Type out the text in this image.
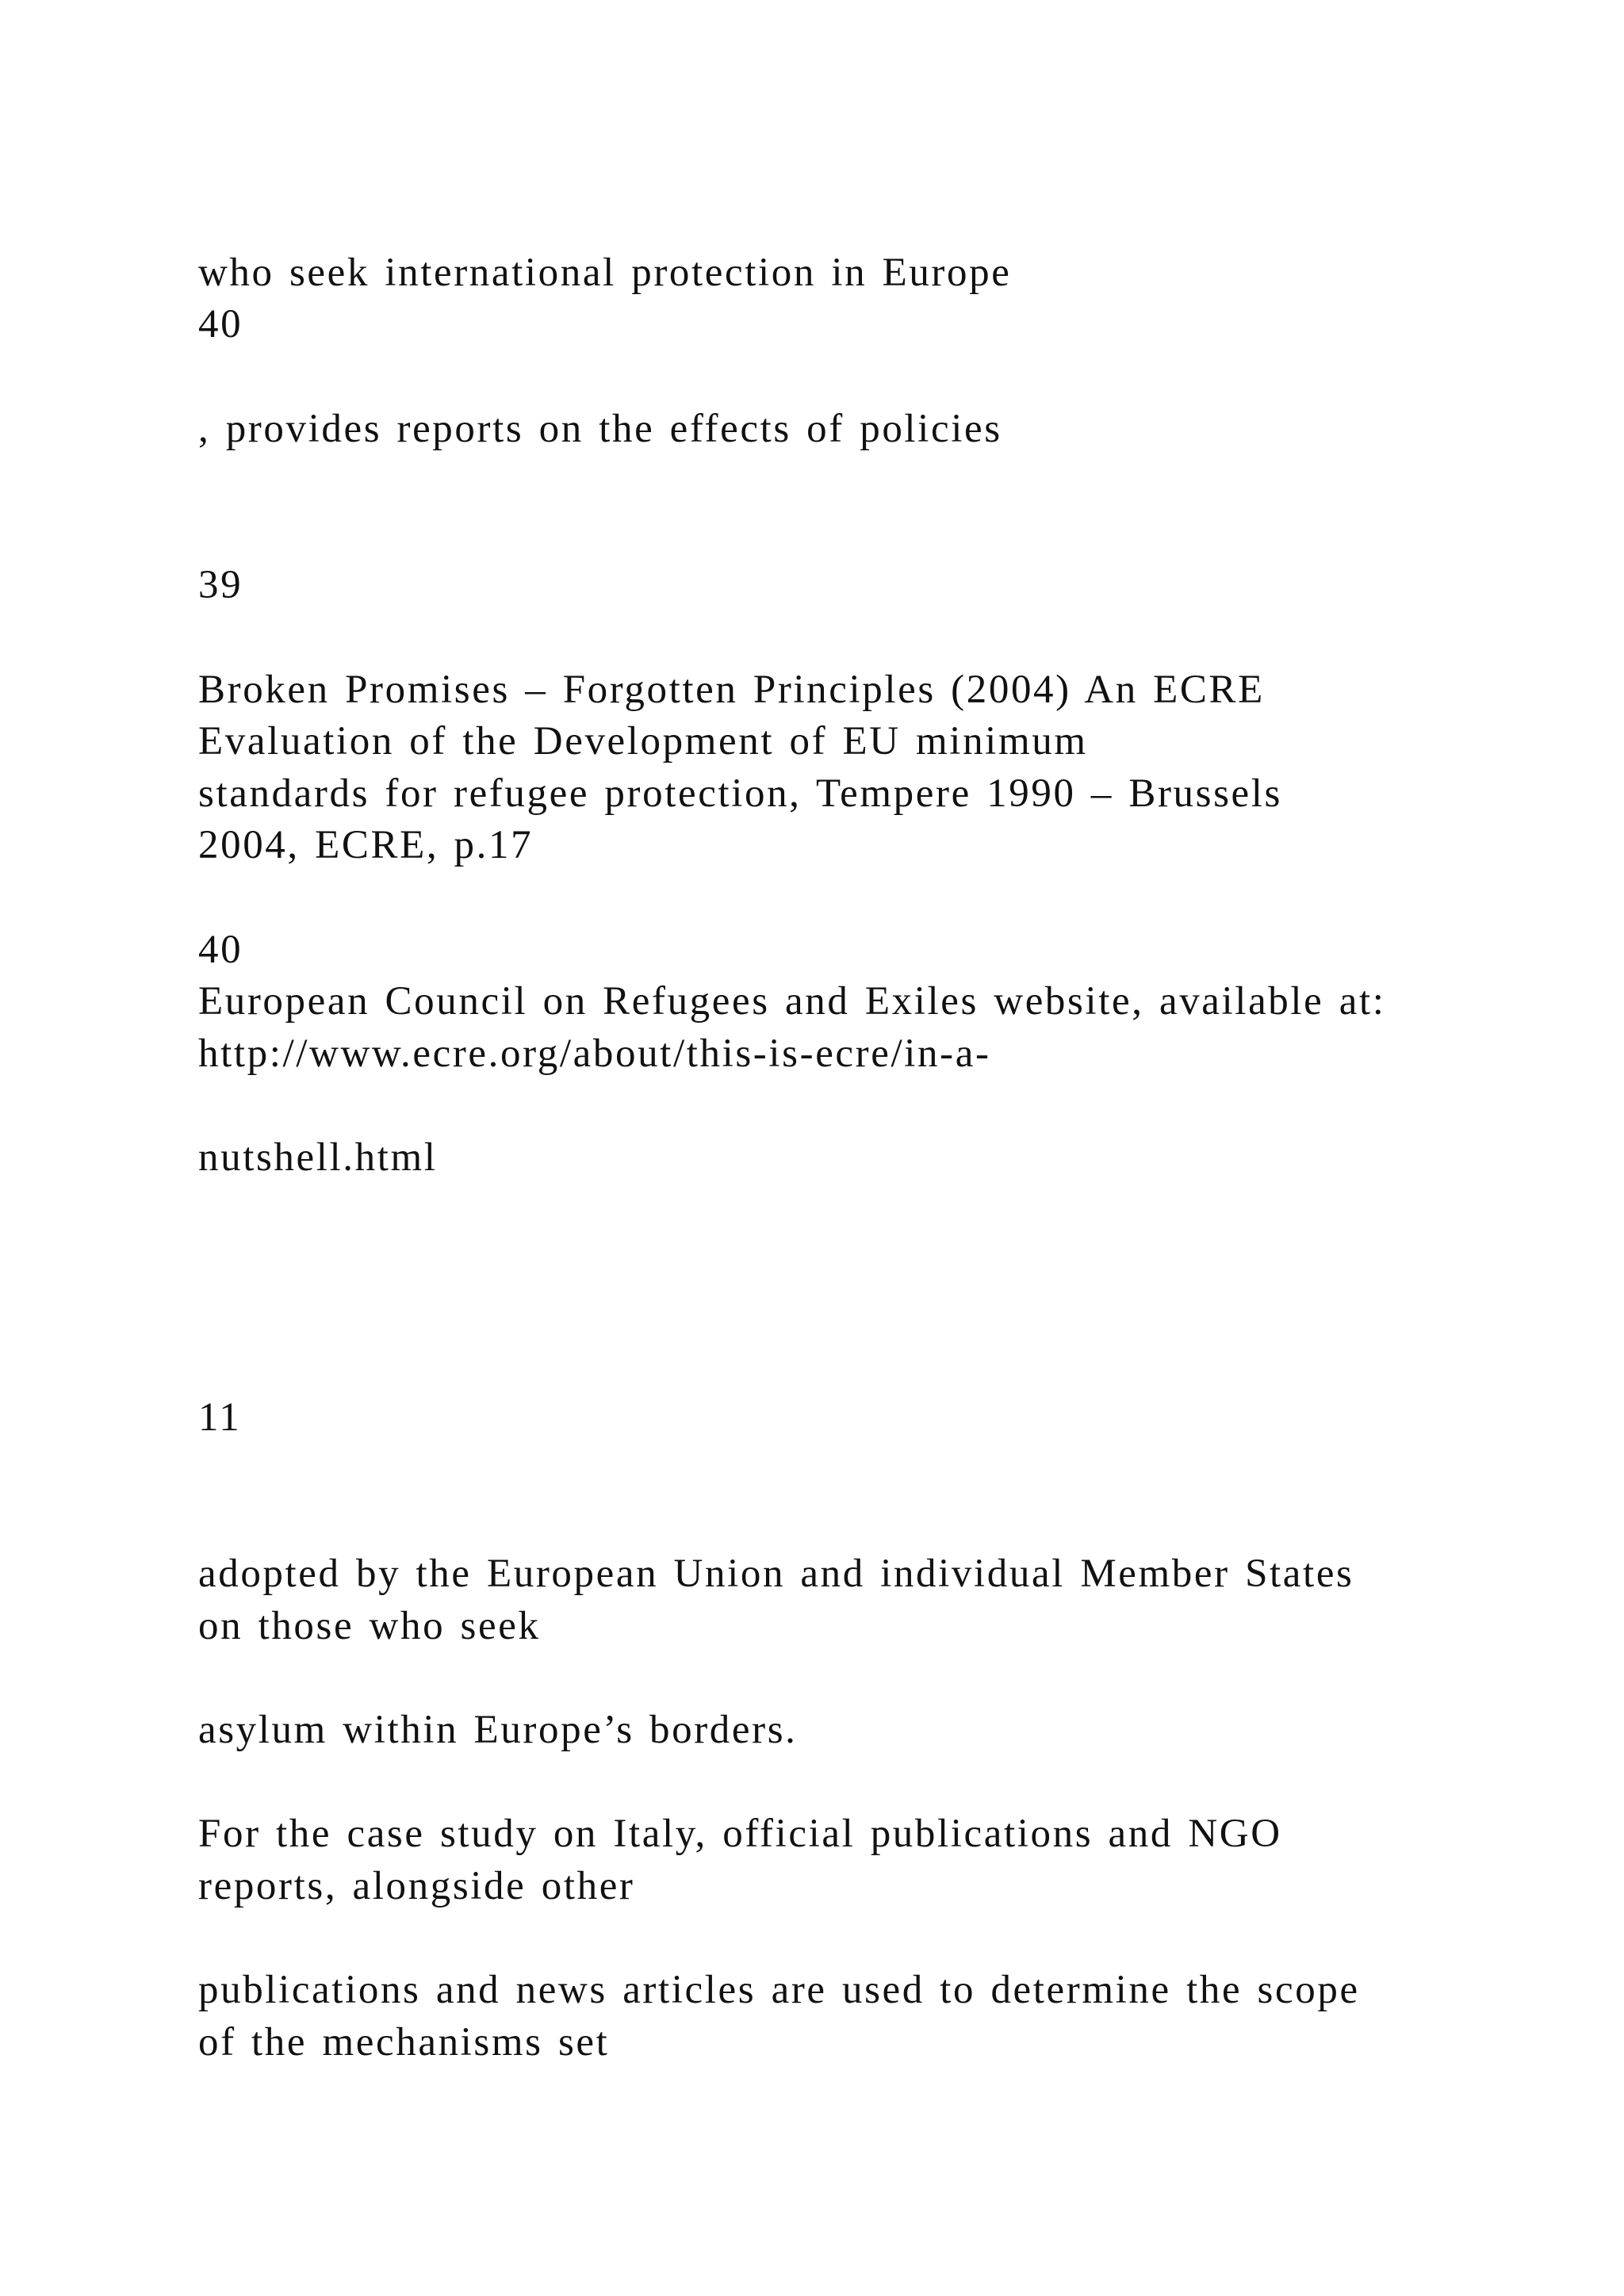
who seek international protection in Europe
40
, provides reports on the effects of policies
39
Broken Promises – Forgotten Principles (2004) An ECRE
Evaluation of the Development of EU minimum
standards for refugee protection, Tempere 1990 – Brussels
2004, ECRE, p.17
40
European Council on Refugees and Exiles website, available at:
http://www.ecre.org/about/this-is-ecre/in-a-
nutshell.html
11
adopted by the European Union and individual Member States
on those who seek
asylum within Europe’s borders.
For the case study on Italy, official publications and NGO
reports, alongside other
publications and news articles are used to determine the scope
of the mechanisms set
